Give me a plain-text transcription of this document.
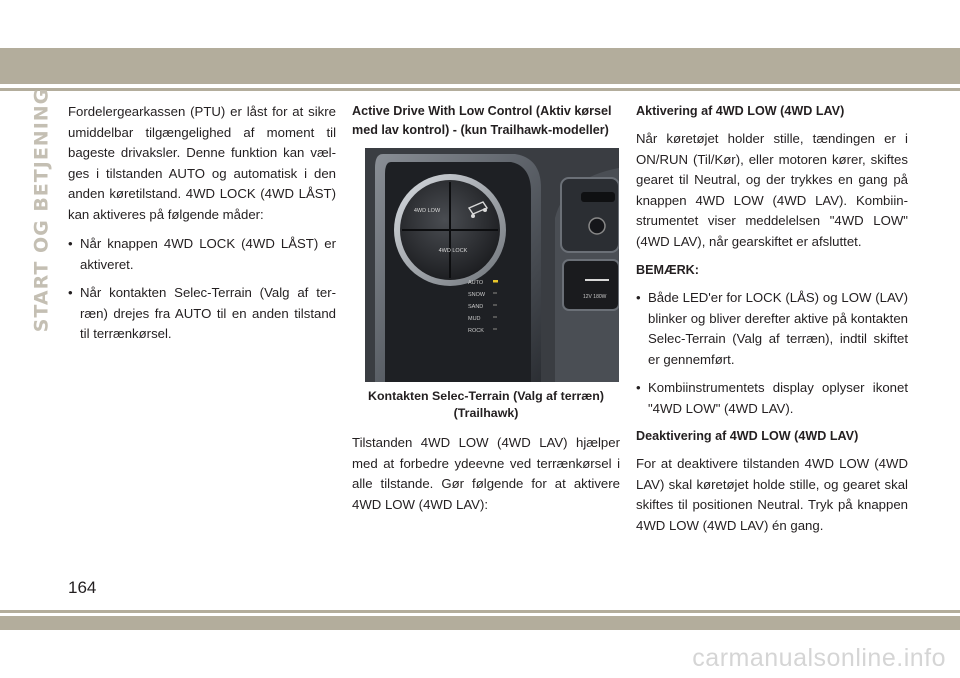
START OG BETJENING Fordelergearkassen (PTU) er låst for at sikre umiddelbar tilgængelighed af moment til bageste drivaksler. Denne funktion kan vælges i tilstanden AUTO og automatisk i den anden køretilstand. 4WD LOCK (4WD LÅST) kan aktiveres på følgende måder:

• Når knappen 4WD LOCK (4WD LÅST) er aktiveret.
• Når kontakten Selec-Terrain (Valg af terræn) drejes fra AUTO til en anden tilstand til terrænkørsel.
Active Drive With Low Control (Aktiv kørsel med lav kontrol) - (kun Trailhawk-modeller)
4WD LOW
4WD LOCK
AUTO
SNOW
SAND
MUD
ROCK
12V 180W
Kontakten Selec-Terrain (Valg af terræn)
(Trailhawk)

Tilstanden 4WD LOW (4WD LAV) hjælper med at forbedre ydeevne ved terrænkørsel i alle tilstande. Gør følgende for at aktivere 4WD LOW (4WD LAV):

Aktivering af 4WD LOW (4WD LAV)

Når køretøjet holder stille, tændingen er i ON/RUN (Til/Kør), eller motoren kører, skiftes gearet til Neutral, og der trykkes en gang på knappen 4WD LOW (4WD LAV). Kombiinstrumentet viser meddelelsen "4WD LOW" (4WD LAV), når gearskiftet er afsluttet.

BEMÆRK:
• Både LED'er for LOCK (LÅS) og LOW (LAV) blinker og bliver derefter aktive på kontakten Selec-Terrain (Valg af terræn), indtil skiftet er gennemført.
• Kombiinstrumentets display oplyser ikonet "4WD LOW" (4WD LAV).
Deaktivering af 4WD LOW (4WD LAV)

For at deaktivere tilstanden 4WD LOW (4WD LAV) skal køretøjet holde stille, og gearet skal skiftes til positionen Neutral. Tryk på knappen 4WD LOW (4WD LAV) én gang.

164
carmanualsonline.info
